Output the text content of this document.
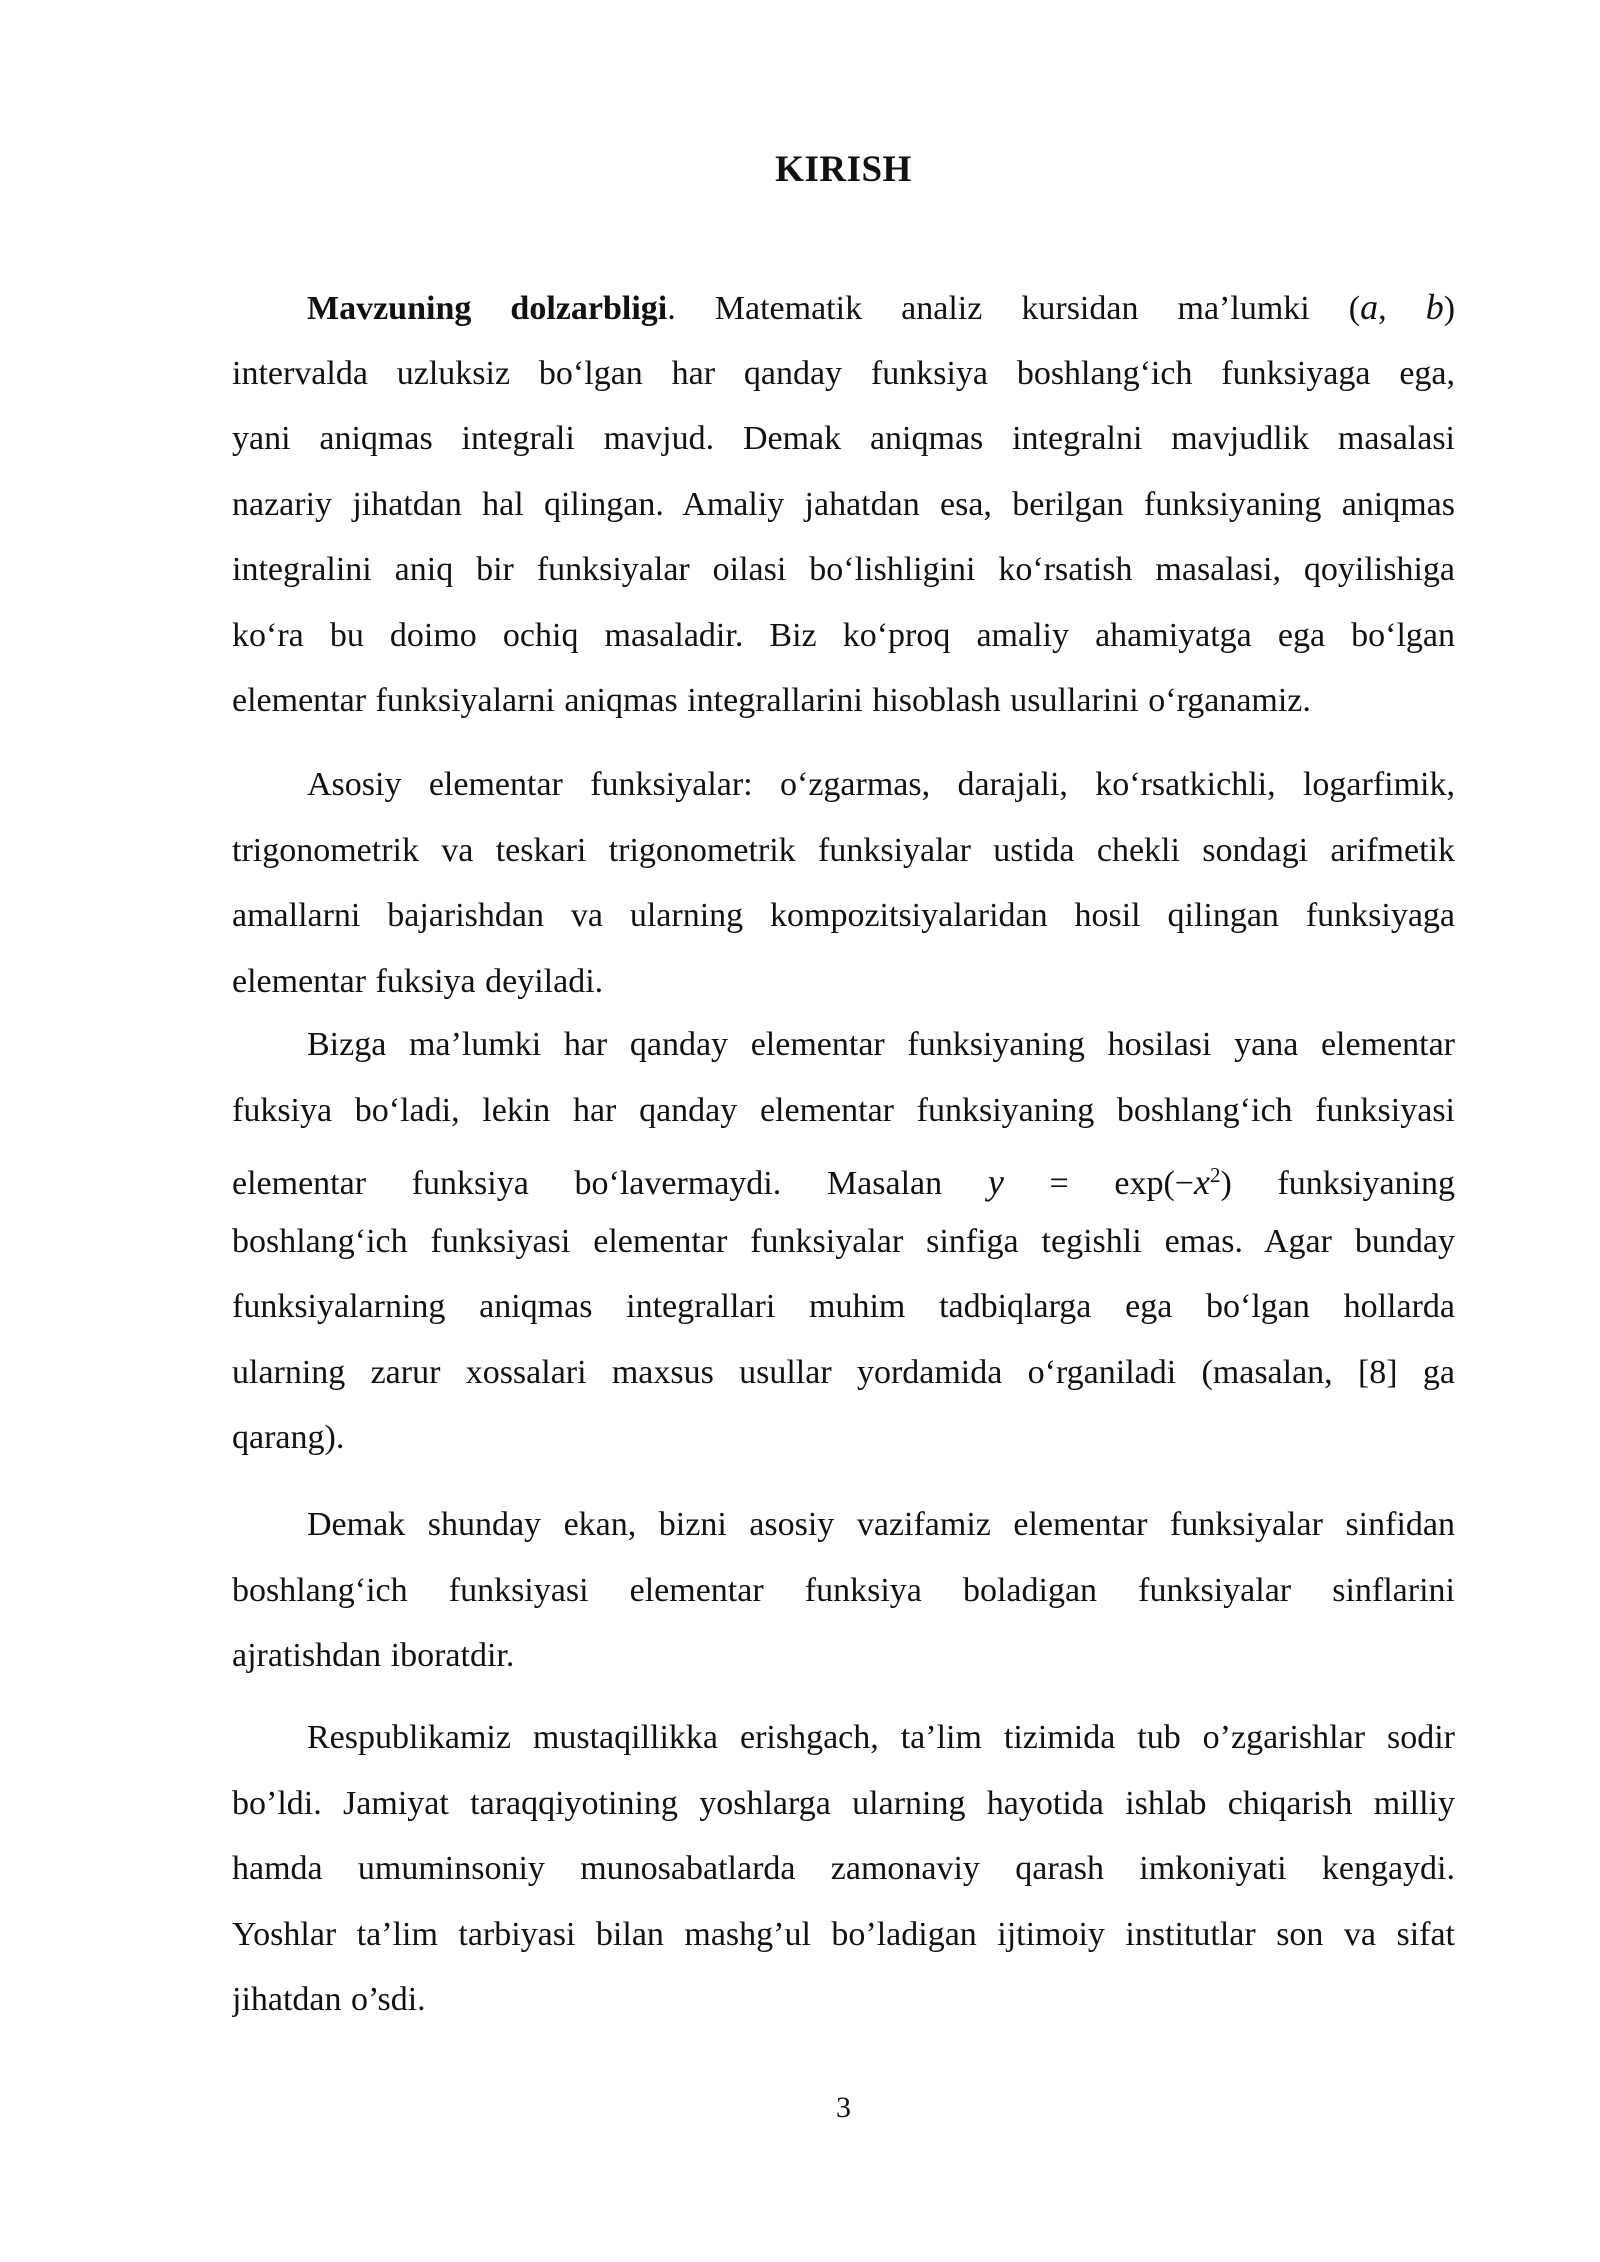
KIRISH
Mavzuning dolzarbligi. Matematik analiz kursidan ma’lumki (a, b)
intervalda uzluksiz bo‘lgan har qanday funksiya boshlang‘ich funksiyaga ega,
yani aniqmas integrali mavjud. Demak aniqmas integralni mavjudlik masalasi
nazariy jihatdan hal qilingan. Amaliy jahatdan esa, berilgan funksiyaning aniqmas
integralini aniq bir funksiyalar oilasi bo‘lishligini ko‘rsatish masalasi, qoyilishiga
ko‘ra bu doimo ochiq masaladir. Biz ko‘proq amaliy ahamiyatga ega bo‘lgan
elementar funksiyalarni aniqmas integrallarini hisoblash usullarini o‘rganamiz.
Asosiy elementar funksiyalar: o‘zgarmas, darajali, ko‘rsatkichli, logarfimik,
trigonometrik va teskari trigonometrik funksiyalar ustida chekli sondagi arifmetik
amallarni bajarishdan va ularning kompozitsiyalaridan hosil qilingan funksiyaga
elementar fuksiya deyiladi.
Bizga ma’lumki har qanday elementar funksiyaning hosilasi yana elementar
fuksiya bo‘ladi, lekin har qanday elementar funksiyaning boshlang‘ich funksiyasi
elementar funksiya bo‘lavermaydi. Masalan $y = \exp(-x^2)$ funksiyaning
boshlang‘ich funksiyasi elementar funksiyalar sinfiga tegishli emas. Agar bunday
funksiyalarning aniqmas integrallari muhim tadbiqlarga ega bo‘lgan hollarda
ularning zarur xossalari maxsus usullar yordamida o‘rganiladi (masalan, [8] ga
qarang).
Demak shunday ekan, bizni asosiy vazifamiz elementar funksiyalar sinfidan
boshlang‘ich funksiyasi elementar funksiya boladigan funksiyalar sinflarini
ajratishdan iboratdir.
Respublikamiz mustaqillikka erishgach, ta’lim tizimida tub o’zgarishlar sodir
bo’ldi. Jamiyat taraqqiyotining yoshlarga ularning hayotida ishlab chiqarish milliy
hamda umuminsoniy munosabatlarda zamonaviy qarash imkoniyati kengaydi.
Yoshlar ta’lim tarbiyasi bilan mashg’ul bo’ladigan ijtimoiy institutlar son va sifat
jihatdan o’sdi.
3
